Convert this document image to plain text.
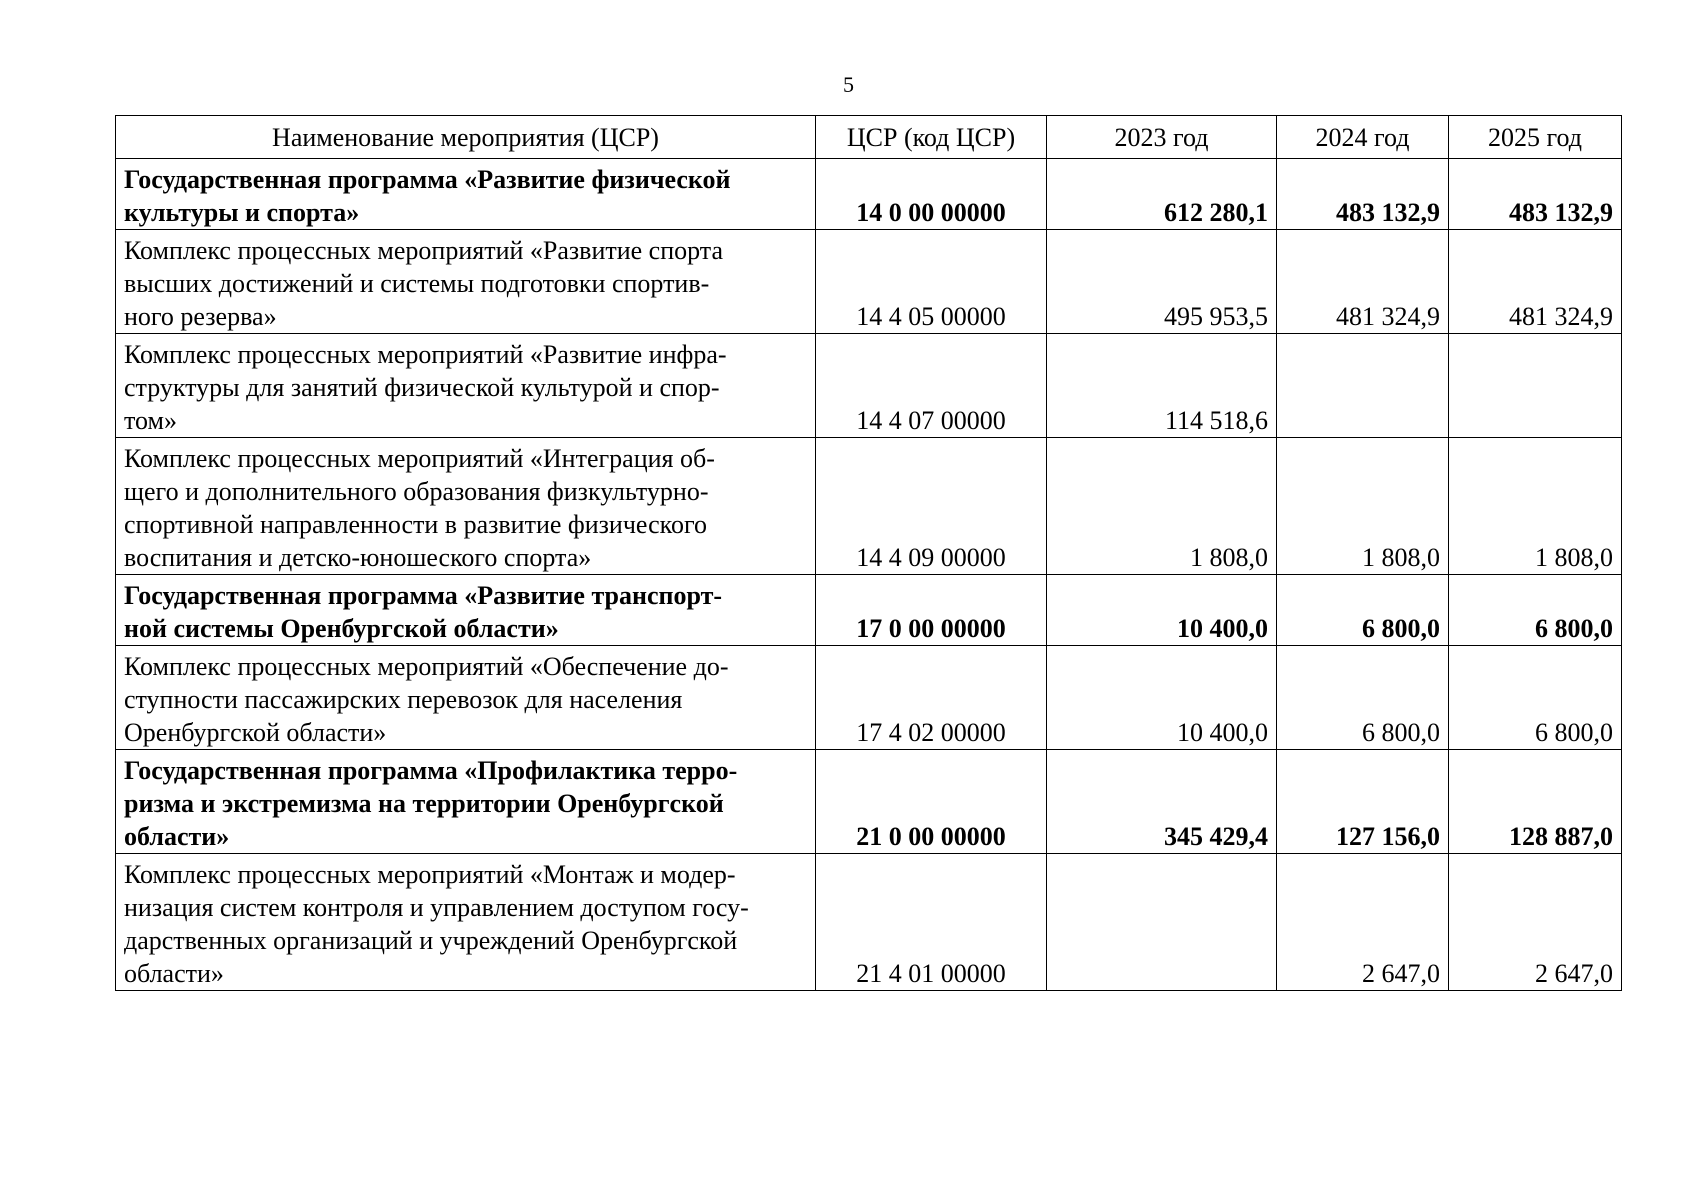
5
Наименование мероприятия (ЦСР)	ЦСР (код ЦСР)	2023 год	2024 год	2025 год

Государственная программа «Развитие физической
культуры и спорта»	14 0 00 00000	612 280,1	483 132,9	483 132,9

Комплекс процессных мероприятий «Развитие спорта
высших достижений и системы подготовки спортив-
ного резерва»	14 4 05 00000	495 953,5	481 324,9	481 324,9

Комплекс процессных мероприятий «Развитие инфра-
структуры для занятий физической культурой и спор-
том»	14 4 07 00000	114 518,6		

Комплекс процессных мероприятий «Интеграция об-
щего и дополнительного образования физкультурно-
спортивной направленности в развитие физического
воспитания и детско-юношеского спорта»	14 4 09 00000	1 808,0	1 808,0	1 808,0

Государственная программа «Развитие транспорт-
ной системы Оренбургской области»	17 0 00 00000	10 400,0	6 800,0	6 800,0

Комплекс процессных мероприятий «Обеспечение до-
ступности пассажирских перевозок для населения
Оренбургской области»	17 4 02 00000	10 400,0	6 800,0	6 800,0

Государственная программа «Профилактика терро-
ризма и экстремизма на территории Оренбургской
области»	21 0 00 00000	345 429,4	127 156,0	128 887,0

Комплекс процессных мероприятий «Монтаж и модер-
низация систем контроля и управлением доступом госу-
дарственных организаций и учреждений Оренбургской
области»	21 4 01 00000		2 647,0	2 647,0
